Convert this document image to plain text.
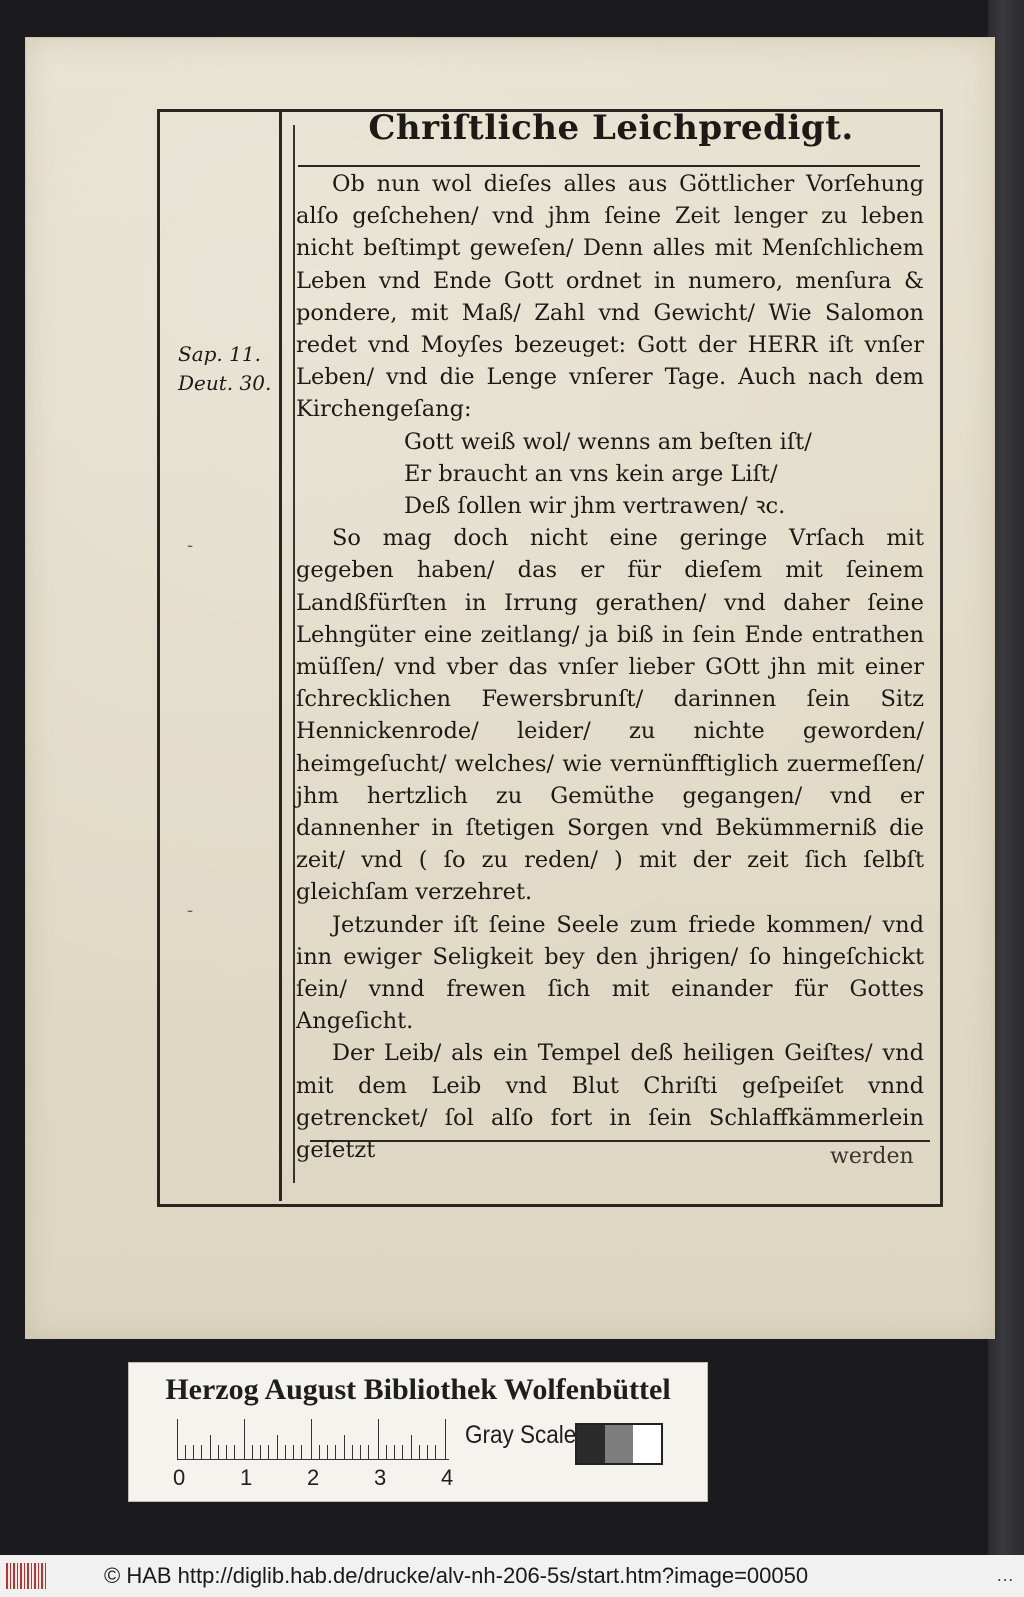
Chriſtliche Leichpredigt.
Sap. 11.
Deut. 30.
-
-

Ob nun wol dieſes alles aus Göttlicher Vorſehung alſo geſchehen/ vnd jhm ſeine Zeit lenger zu leben nicht beſtimpt geweſen/ Denn alles mit Menſchlichem Leben vnd Ende Gott ordnet in numero, menſura & pondere, mit Maß/ Zahl vnd Gewicht/ Wie Salomon redet vnd Moyſes bezeuget: Gott der HERR iſt vnſer Leben/ vnd die Lenge vnſerer Tage. Auch nach dem Kirchengeſang:

Gott weiß wol/ wenns am beſten iſt/

Er braucht an vns kein arge Liſt/

Deß ſollen wir jhm vertrawen/ ꝛc.

So mag doch nicht eine geringe Vrſach mit gegeben haben/ das er für dieſem mit ſeinem Landßfürſten in Irrung gerathen/ vnd daher ſeine Lehngüter eine zeitlang/ ja biß in ſein Ende entrathen müſſen/ vnd vber das vnſer lieber GOtt jhn mit einer ſchrecklichen Fewersbrunſt/ darinnen ſein Sitz Hennickenrode/ leider/ zu nichte geworden/ heimgeſucht/ welches/ wie vernünfftiglich zuermeſſen/ jhm hertzlich zu Gemüthe gegangen/ vnd er dannenher in ſtetigen Sorgen vnd Bekümmerniß die zeit/ vnd ( ſo zu reden/ ) mit der zeit ſich ſelbſt gleichſam verzehret.

Jetzunder iſt ſeine Seele zum friede kommen/ vnd inn ewiger Seligkeit bey den jhrigen/ ſo hingeſchickt ſein/ vnnd frewen ſich mit einander für Gottes Angeſicht.

Der Leib/ als ein Tempel deß heiligen Geiſtes/ vnd mit dem Leib vnd Blut Chriſti geſpeiſet vnnd getrencket/ ſol alſo fort in ſein Schlaffkämmerlein geſetzt	werden
Herzog August Bibliothek Wolfenbüttel
0 1 2 3 4
Gray Scale
© HAB http://diglib.hab.de/drucke/alv-nh-206-5s/start.htm?image=00050	…
